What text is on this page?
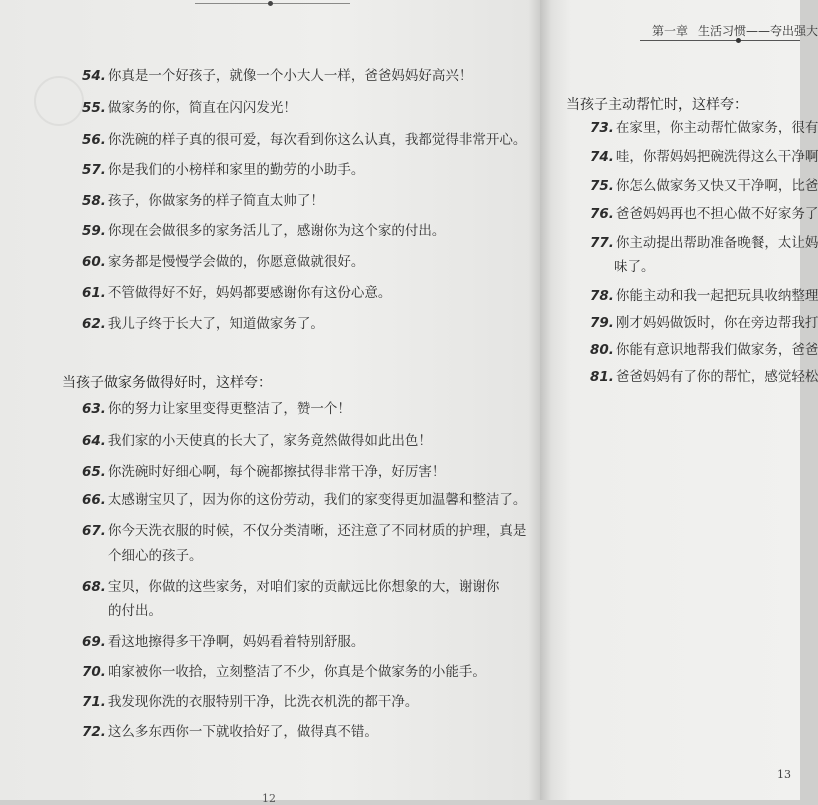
第一章 生活习惯——夸出强大
54. 你真是一个好孩子，就像一个小大人一样，爸爸妈妈好高兴！
55. 做家务的你，简直在闪闪发光！
56. 你洗碗的样子真的很可爱，每次看到你这么认真，我都觉得非常开心。
57. 你是我们的小榜样和家里的勤劳的小助手。
58. 孩子，你做家务的样子简直太帅了！
59. 你现在会做很多的家务活儿了，感谢你为这个家的付出。
60. 家务都是慢慢学会做的，你愿意做就很好。
61. 不管做得好不好，妈妈都要感谢你有这份心意。
62. 我儿子终于长大了，知道做家务了。
当孩子做家务做得好时，这样夸：
63. 你的努力让家里变得更整洁了，赞一个！
64. 我们家的小天使真的长大了，家务竟然做得如此出色！
65. 你洗碗时好细心啊，每个碗都擦拭得非常干净，好厉害！
66. 太感谢宝贝了，因为你的这份劳动，我们的家变得更加温馨和整洁了。
67. 你今天洗衣服的时候，不仅分类清晰，还注意了不同材质的护理，真是
个细心的孩子。
68. 宝贝，你做的这些家务，对咱们家的贡献远比你想象的大，谢谢你
的付出。
69. 看这地擦得多干净啊，妈妈看着特别舒服。
70. 咱家被你一收拾，立刻整洁了不少，你真是个做家务的小能手。
71. 我发现你洗的衣服特别干净，比洗衣机洗的都干净。
72. 这么多东西你一下就收拾好了，做得真不错。
12
当孩子主动帮忙时，这样夸：
73. 在家里，你主动帮忙做家务，很有
74. 哇，你帮妈妈把碗洗得这么干净啊
75. 你怎么做家务又快又干净啊，比爸
76. 爸爸妈妈再也不担心做不好家务了
77. 你主动提出帮助准备晚餐，太让妈
味了。
78. 你能主动和我一起把玩具收纳整理
79. 刚才妈妈做饭时，你在旁边帮我打
80. 你能有意识地帮我们做家务，爸爸
81. 爸爸妈妈有了你的帮忙，感觉轻松
13
